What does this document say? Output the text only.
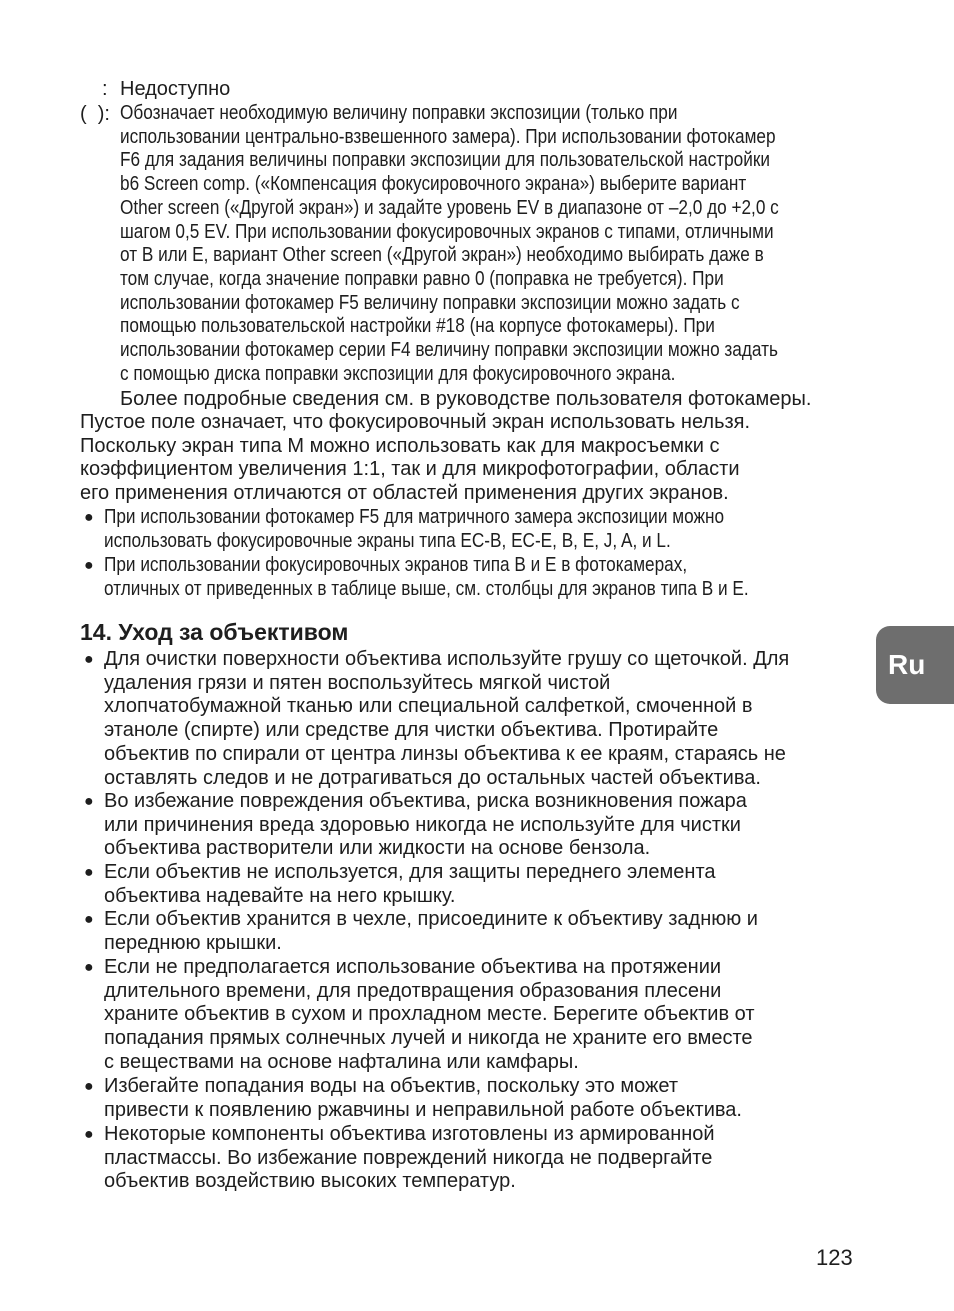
: Недоступно
(  ): Обозначает необходимую величину поправки экспозиции (только при
использовании центрально-взвешенного замера). При использовании фотокамер
F6 для задания величины поправки экспозиции для пользовательской настройки
b6 Screen comp. («Компенсация фокусировочного экрана») выберите вариант
Other screen («Другой экран») и задайте уровень EV в диапазоне от –2,0 до +2,0 с
шагом 0,5 EV. При использовании фокусировочных экранов с типами, отличными
от B или E, вариант Other screen («Другой экран») необходимо выбирать даже в
том случае, когда значение поправки равно 0 (поправка не требуется). При
использовании фотокамер F5 величину поправки экспозиции можно задать с
помощью пользовательской настройки #18 (на корпусе фотокамеры). При
использовании фотокамер серии F4 величину поправки экспозиции можно задать
с помощью диска поправки экспозиции для фокусировочного экрана.
Более подробные сведения см. в руководстве пользователя фотокамеры.
Пустое поле означает, что фокусировочный экран использовать нельзя.
Поскольку экран типа M можно использовать как для макросъемки с
коэффициентом увеличения 1:1, так и для микрофотографии, области
его применения отличаются от областей применения других экранов.
● При использовании фотокамер F5 для матричного замера экспозиции можно
использовать фокусировочные экраны типа EC-B, EC-E, B, E, J, A, и L.
● При использовании фокусировочных экранов типа B и E в фотокамерах,
отличных от приведенных в таблице выше, см. столбцы для экранов типа B и E.
14. Уход за объективом
Ru
● Для очистки поверхности объектива используйте грушу со щеточкой. Для
удаления грязи и пятен воспользуйтесь мягкой чистой
хлопчатобумажной тканью или специальной салфеткой, смоченной в
этаноле (спирте) или средстве для чистки объектива. Протирайте
объектив по спирали от центра линзы объектива к ее краям, стараясь не
оставлять следов и не дотрагиваться до остальных частей объектива.
● Во избежание повреждения объектива, риска возникновения пожара
или причинения вреда здоровью никогда не используйте для чистки
объектива растворители или жидкости на основе бензола.
● Если объектив не используется, для защиты переднего элемента
объектива надевайте на него крышку.
● Если объектив хранится в чехле, присоедините к объективу заднюю и
переднюю крышки.
● Если не предполагается использование объектива на протяжении
длительного времени, для предотвращения образования плесени
храните объектив в сухом и прохладном месте. Берегите объектив от
попадания прямых солнечных лучей и никогда не храните его вместе
с веществами на основе нафталина или камфары.
● Избегайте попадания воды на объектив, поскольку это может
привести к появлению ржавчины и неправильной работе объектива.
● Некоторые компоненты объектива изготовлены из армированной
пластмассы. Во избежание повреждений никогда не подвергайте
объектив воздействию высоких температур.
123
